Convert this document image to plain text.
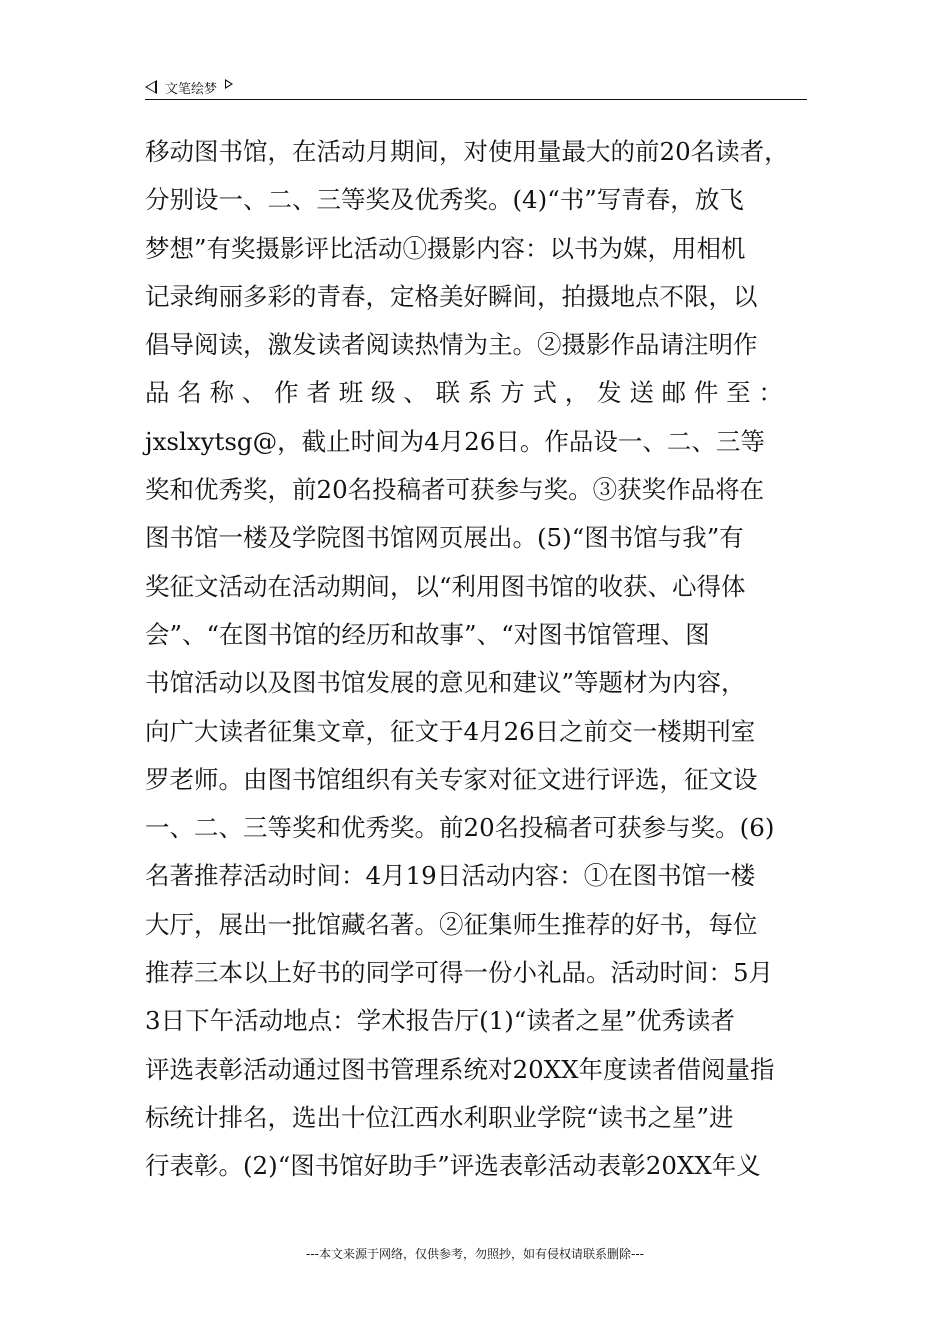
文笔绘梦
移动图书馆，在活动月期间，对使用量最大的前20名读者，
分别设一、二、三等奖及优秀奖。(4)“书”写青春，放飞
梦想”有奖摄影评比活动①摄影内容：以书为媒，用相机
记录绚丽多彩的青春，定格美好瞬间，拍摄地点不限，以
倡导阅读，激发读者阅读热情为主。②摄影作品请注明作
品 名 称 、 作 者 班 级 、 联 系 方 式 ， 发 送 邮 件 至 ：
jxslxytsg@，截止时间为4月26日。作品设一、二、三等
奖和优秀奖，前20名投稿者可获参与奖。③获奖作品将在
图书馆一楼及学院图书馆网页展出。(5)“图书馆与我”有
奖征文活动在活动期间，以“利用图书馆的收获、心得体
会”、“在图书馆的经历和故事”、“对图书馆管理、图
书馆活动以及图书馆发展的意见和建议”等题材为内容，
向广大读者征集文章，征文于4月26日之前交一楼期刊室
罗老师。由图书馆组织有关专家对征文进行评选，征文设
一、二、三等奖和优秀奖。前20名投稿者可获参与奖。(6)
名著推荐活动时间：4月19日活动内容：①在图书馆一楼
大厅，展出一批馆藏名著。②征集师生推荐的好书，每位
推荐三本以上好书的同学可得一份小礼品。活动时间：5月
3日下午活动地点：学术报告厅(1)“读者之星”优秀读者
评选表彰活动通过图书管理系统对20XX年度读者借阅量指
标统计排名，选出十位江西水利职业学院“读书之星”进
行表彰。(2)“图书馆好助手”评选表彰活动表彰20XX年义
---本文来源于网络，仅供参考，勿照抄，如有侵权请联系删除---
